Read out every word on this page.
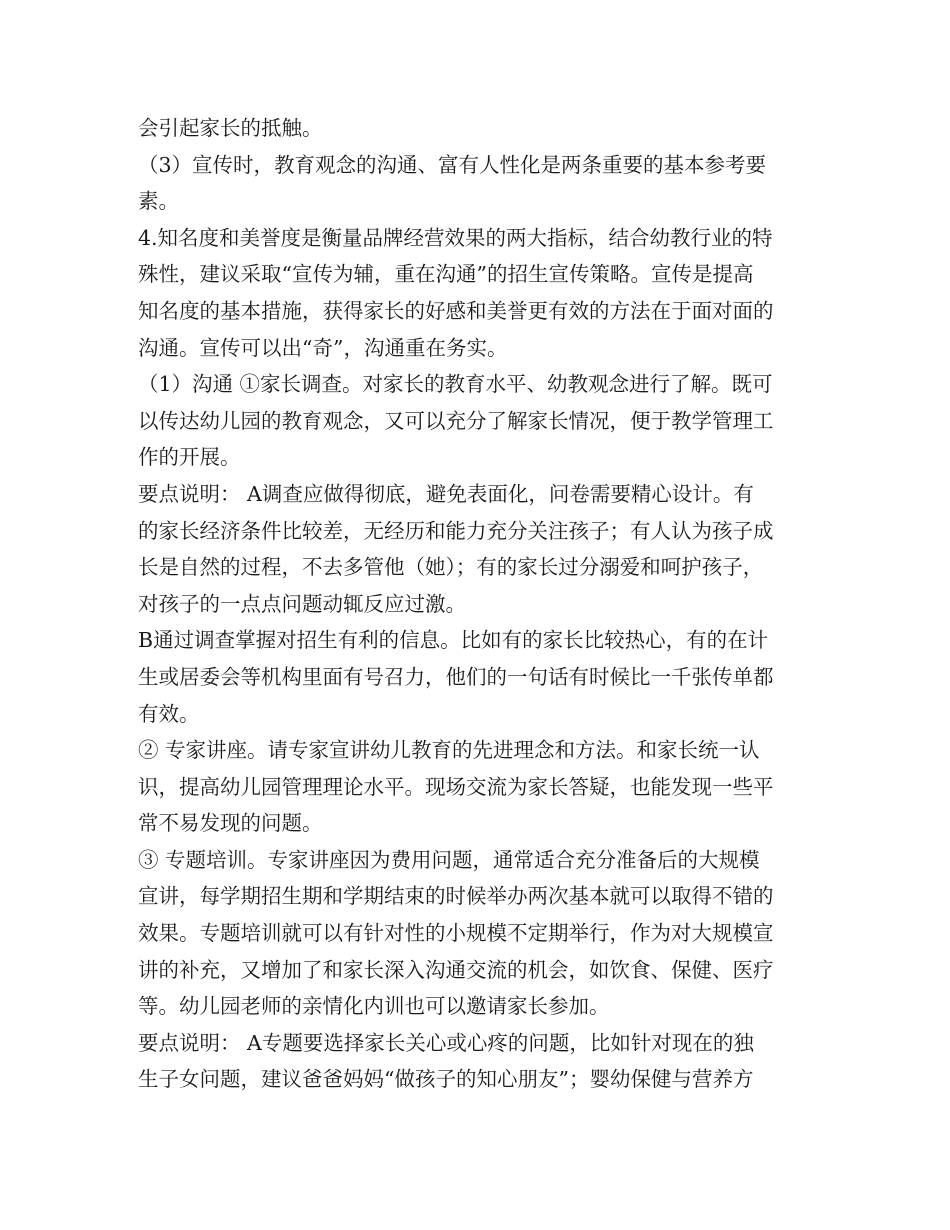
会引起家长的抵触。
（3）宣传时，教育观念的沟通、富有人性化是两条重要的基本参考要
素。
4.知名度和美誉度是衡量品牌经营效果的两大指标，结合幼教行业的特
殊性，建议采取“宣传为辅，重在沟通”的招生宣传策略。宣传是提高
知名度的基本措施，获得家长的好感和美誉更有效的方法在于面对面的
沟通。宣传可以出“奇”，沟通重在务实。
（1）沟通 ①家长调查。对家长的教育水平、幼教观念进行了解。既可
以传达幼儿园的教育观念，又可以充分了解家长情况，便于教学管理工
作的开展。
要点说明： A调查应做得彻底，避免表面化，问卷需要精心设计。有
的家长经济条件比较差，无经历和能力充分关注孩子；有人认为孩子成
长是自然的过程，不去多管他（她）；有的家长过分溺爱和呵护孩子，
对孩子的一点点问题动辄反应过激。
B通过调查掌握对招生有利的信息。比如有的家长比较热心，有的在计
生或居委会等机构里面有号召力，他们的一句话有时候比一千张传单都
有效。
② 专家讲座。请专家宣讲幼儿教育的先进理念和方法。和家长统一认
识，提高幼儿园管理理论水平。现场交流为家长答疑，也能发现一些平
常不易发现的问题。
③ 专题培训。专家讲座因为费用问题，通常适合充分准备后的大规模
宣讲，每学期招生期和学期结束的时候举办两次基本就可以取得不错的
效果。专题培训就可以有针对性的小规模不定期举行，作为对大规模宣
讲的补充，又增加了和家长深入沟通交流的机会，如饮食、保健、医疗
等。幼儿园老师的亲情化内训也可以邀请家长参加。
要点说明： A专题要选择家长关心或心疼的问题，比如针对现在的独
生子女问题，建议爸爸妈妈“做孩子的知心朋友”；婴幼保健与营养方
